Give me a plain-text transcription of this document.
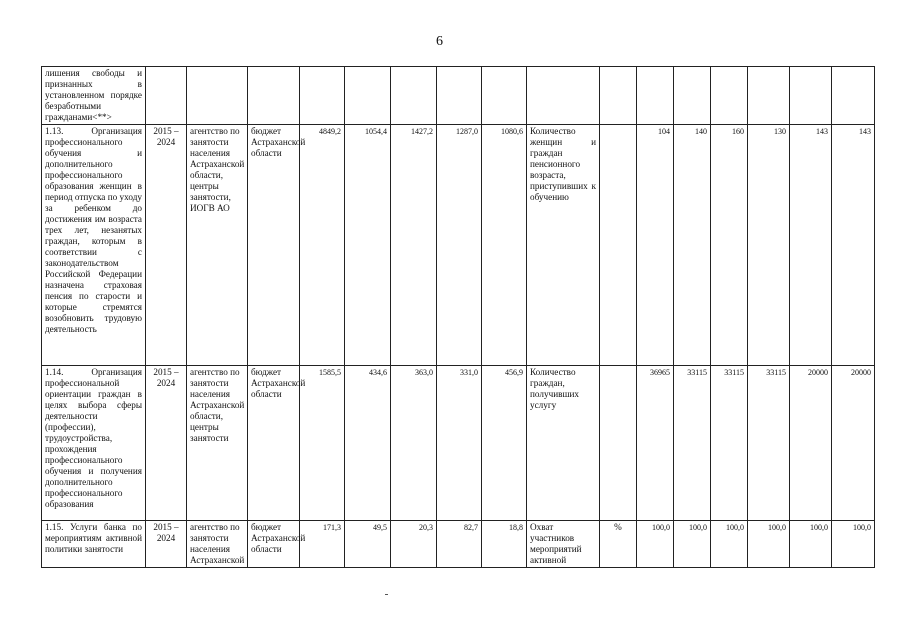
6
лишения свободы и признанных в установленном порядке безработными гражданами<**>																
1.13. Организация профессионального обучения и дополнительного профессионального образования женщин в период отпуска по уходу за ребенком до достижения им возраста трех лет, незанятых граждан, которым в соответствии с законодательством Российской Федерации назначена страховая пенсия по старости и которые стремятся возобновить трудовую деятельность	2015 – 2024	агентство по занятости населения Астраханской области, центры занятости, ИОГВ АО	бюджет Астраханской области	4849,2	1054,4	1427,2	1287,0	1080,6	Количество женщин и граждан пенсионного возраста, приступивших к обучению		104	140	160	130	143	143
1.14. Организация профессиональной ориентации граждан в целях выбора сферы деятельности (профессии), трудоустройства, прохождения профессионального обучения и получения дополнительного профессионального образования	2015 – 2024	агентство по занятости населения Астраханской области, центры занятости	бюджет Астраханской области	1585,5	434,6	363,0	331,0	456,9	Количество граждан, получивших услугу		36965	33115	33115	33115	20000	20000
1.15. Услуги банка по мероприятиям активной политики занятости	2015 – 2024	агентство по занятости населения Астраханской	бюджет Астраханской области	171,3	49,5	20,3	82,7	18,8	Охват участников мероприятий активной	%	100,0	100,0	100,0	100,0	100,0	100,0
